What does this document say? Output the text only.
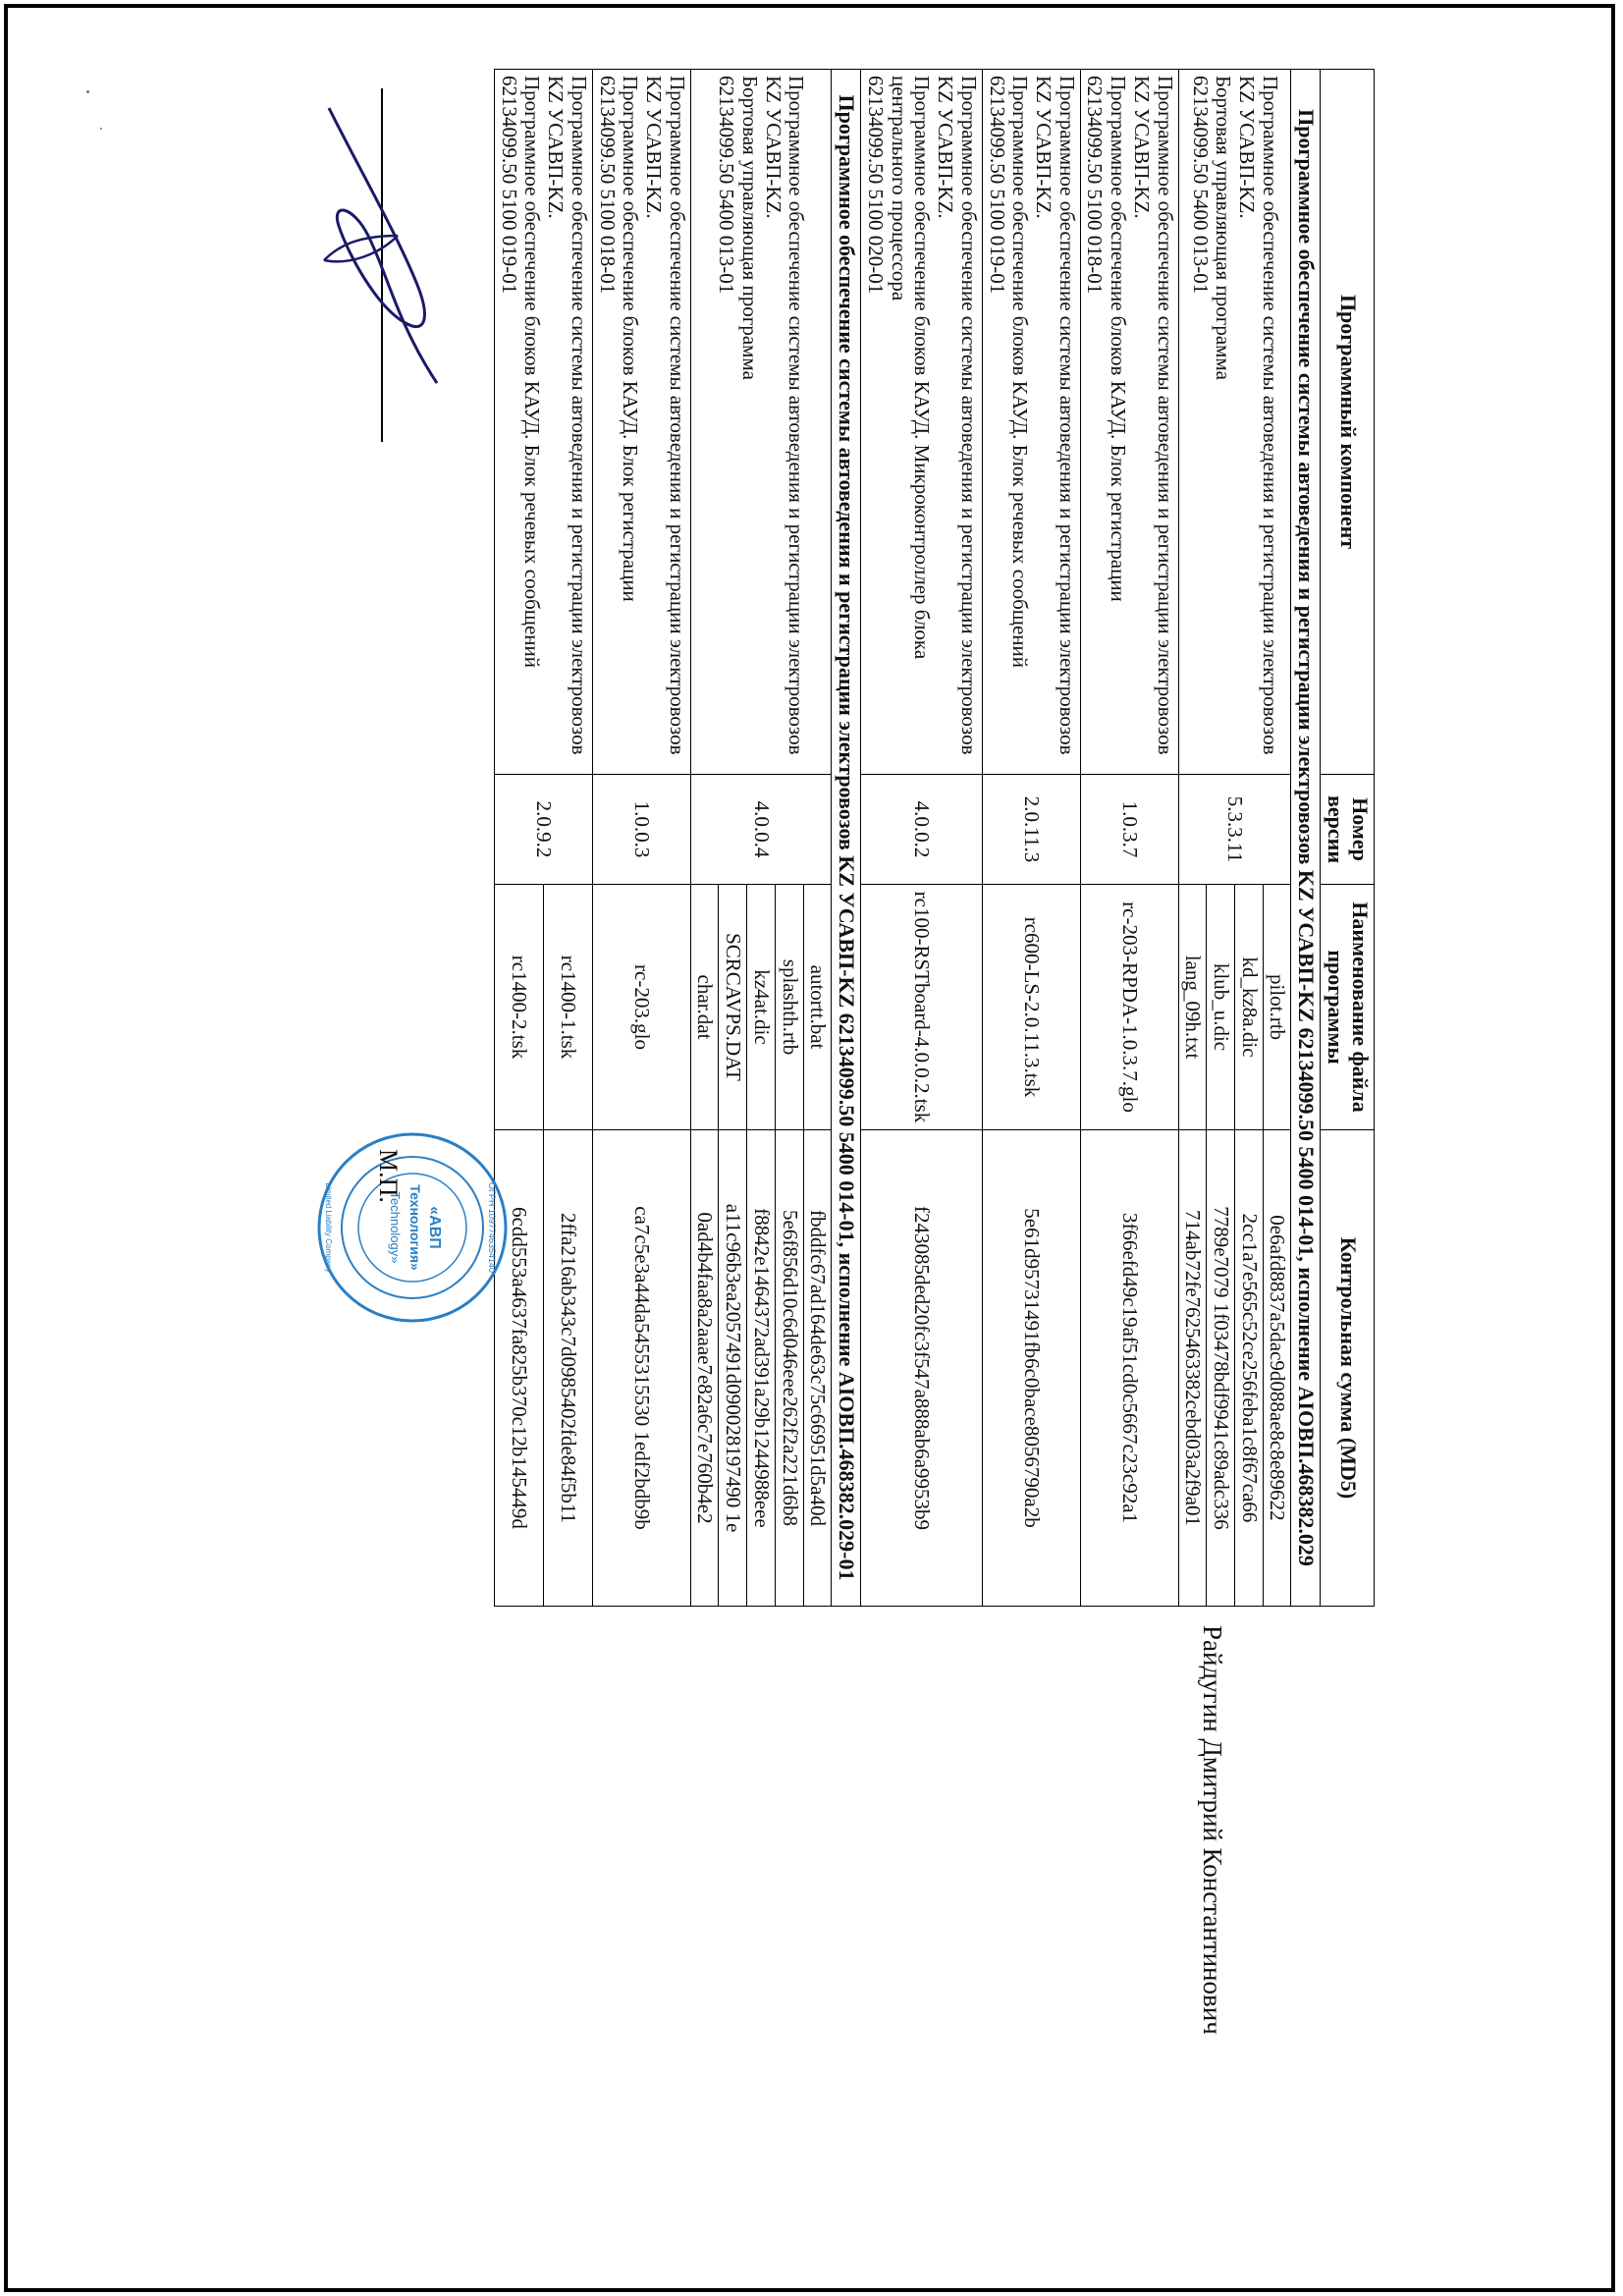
Программный компонент	Номер версии	Наименование файла программы	Контрольная сумма (MD5)
Программное обеспечение системы автоведения и регистрации электровозов KZ УСАВП-KZ 62134099.50 5400 014-01, исполнение АІОВП.468382.029			

Программное обеспечение системы автоведения и регистрации электровозов KZ УСАВП-KZ.
Бортовая управляющая программа
62134099.50 5400 013-01	5.3.3.11	pilot.rtb	0e6afd8837a5dac9d088ae8c8e89622
		kd_kz8a.dic	2cc1a7e565c52ce256feba1c8f67ca66
		klub_u.dic	7789e7079 1f03478bdf9941c89adc336
		lang_09h.txt	714ab72fe7625463382cebd03a2f9a01

Программное обеспечение системы автоведения и регистрации электровозов KZ УСАВП-KZ.
Программное обеспечение блоков КАУД. Блок регистрации
62134099.50 5100 018-01	1.0.3.7	rc-203-RPDA-1.0.3.7.glo	3f66efd49c19af51cd0c5667c23c92a1

Программное обеспечение системы автоведения и регистрации электровозов KZ УСАВП-KZ.
Программное обеспечение блоков КАУД. Блок речевых сообщений
62134099.50 5100 019-01	2.0.11.3	rc600-LS-2.0.11.3.tsk	5e61d95731491fb6c0bace8056790a2b

Программное обеспечение системы автоведения и регистрации электровозов KZ УСАВП-KZ.
Программное обеспечение блоков КАУД. Микроконтроллер блока центрального процессора
62134099.50 5100 020-01	4.0.0.2	rc100-RSTboard-4.0.0.2.tsk	f243085ded20fc3f547a888ab6a9953b9
Программное обеспечение системы автоведения и регистрации электровозов KZ УСАВП-KZ 62134099.50 5400 014-01, исполнение АІОВП.468382.029-01			

Программное обеспечение системы автоведения и регистрации электровозов KZ УСАВП-KZ.
Бортовая управляющая программа
62134099.50 5400 013-01	4.0.0.4	autortt.bat	fbddfc67ad164de63c75c66951d5a40d
		splashth.rtb	5e6f856d10c6d046eee262f2a221d6b8
		kz4at.dic	f8842e1464372ad391a29b1244988eee
		SCRCAVPS.DAT	a11c96b3ea2057491d090028197490 1e
		char.dat	0ad4b4faa8a2aaae7e82a6c7e760b4e2

Программное обеспечение системы автоведения и регистрации электровозов KZ УСАВП-KZ.
Программное обеспечение блоков КАУД. Блок регистрации
62134099.50 5100 018-01	1.0.0.3	rc-203.glo	ca7c5e3a44da5455315530 1edf2bdb9b

Программное обеспечение системы автоведения и регистрации электровозов KZ УСАВП-KZ.
Программное обеспечение блоков КАУД. Блок речевых сообщений
62134099.50 5100 019-01	2.0.9.2	rc1400-1.tsk	2ffa216ab343c7d0985402fde84f5b11
		rc1400-2.tsk	6cdd553a4637fa825b370c12b145449d
Райдугин Дмитрий Константинович
«АВП
Технология»
Technology»	ОГРН 1097746354140
Limited Liability Company
М.П.
